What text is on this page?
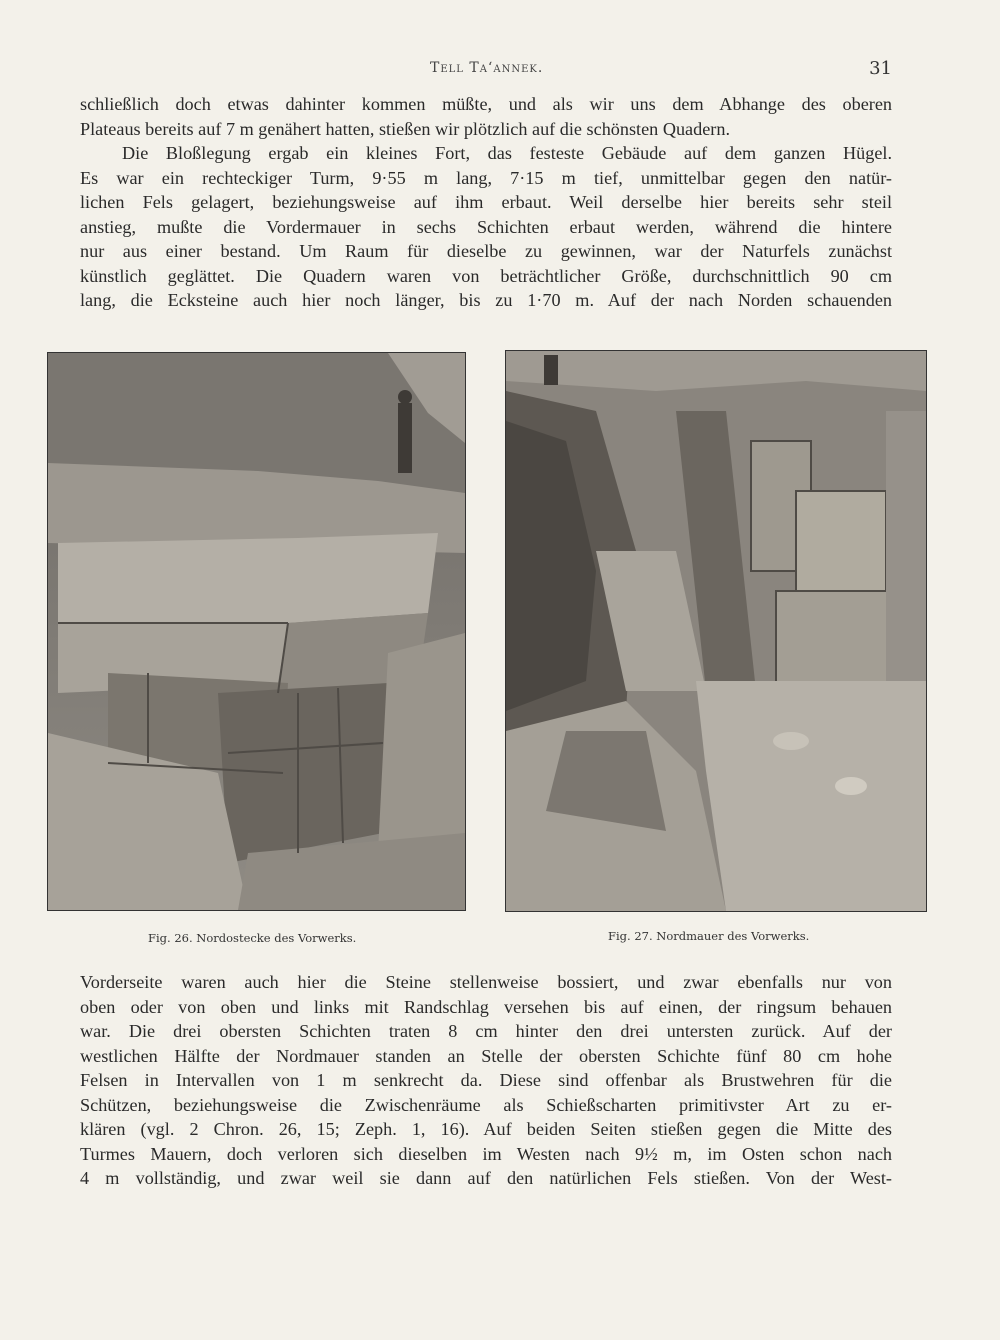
Tell Ta‘annek.	31
schließlich doch etwas dahinter kommen müßte, und als wir uns dem Abhange des oberen
Plateaus bereits auf 7 m genähert hatten, stießen wir plötzlich auf die schönsten Quadern.
Die Bloßlegung ergab ein kleines Fort, das festeste Gebäude auf dem ganzen Hügel.
Es war ein rechteckiger Turm, 9·55 m lang, 7·15 m tief, unmittelbar gegen den natür-
lichen Fels gelagert, beziehungsweise auf ihm erbaut. Weil derselbe hier bereits sehr steil
anstieg, mußte die Vordermauer in sechs Schichten erbaut werden, während die hintere
nur aus einer bestand. Um Raum für dieselbe zu gewinnen, war der Naturfels zunächst
künstlich geglättet. Die Quadern waren von beträchtlicher Größe, durchschnittlich 90 cm
lang, die Ecksteine auch hier noch länger, bis zu 1·70 m. Auf der nach Norden schauenden
Fig. 26. Nordostecke des Vorwerks.	Fig. 27. Nordmauer des Vorwerks.
Vorderseite waren auch hier die Steine stellenweise bossiert, und zwar ebenfalls nur von
oben oder von oben und links mit Randschlag versehen bis auf einen, der ringsum behauen
war. Die drei obersten Schichten traten 8 cm hinter den drei untersten zurück. Auf der
westlichen Hälfte der Nordmauer standen an Stelle der obersten Schichte fünf 80 cm hohe
Felsen in Intervallen von 1 m senkrecht da. Diese sind offenbar als Brustwehren für die
Schützen, beziehungsweise die Zwischenräume als Schießscharten primitivster Art zu er-
klären (vgl. 2 Chron. 26, 15; Zeph. 1, 16). Auf beiden Seiten stießen gegen die Mitte des
Turmes Mauern, doch verloren sich dieselben im Westen nach 9½ m, im Osten schon nach
4 m vollständig, und zwar weil sie dann auf den natürlichen Fels stießen. Von der West-
